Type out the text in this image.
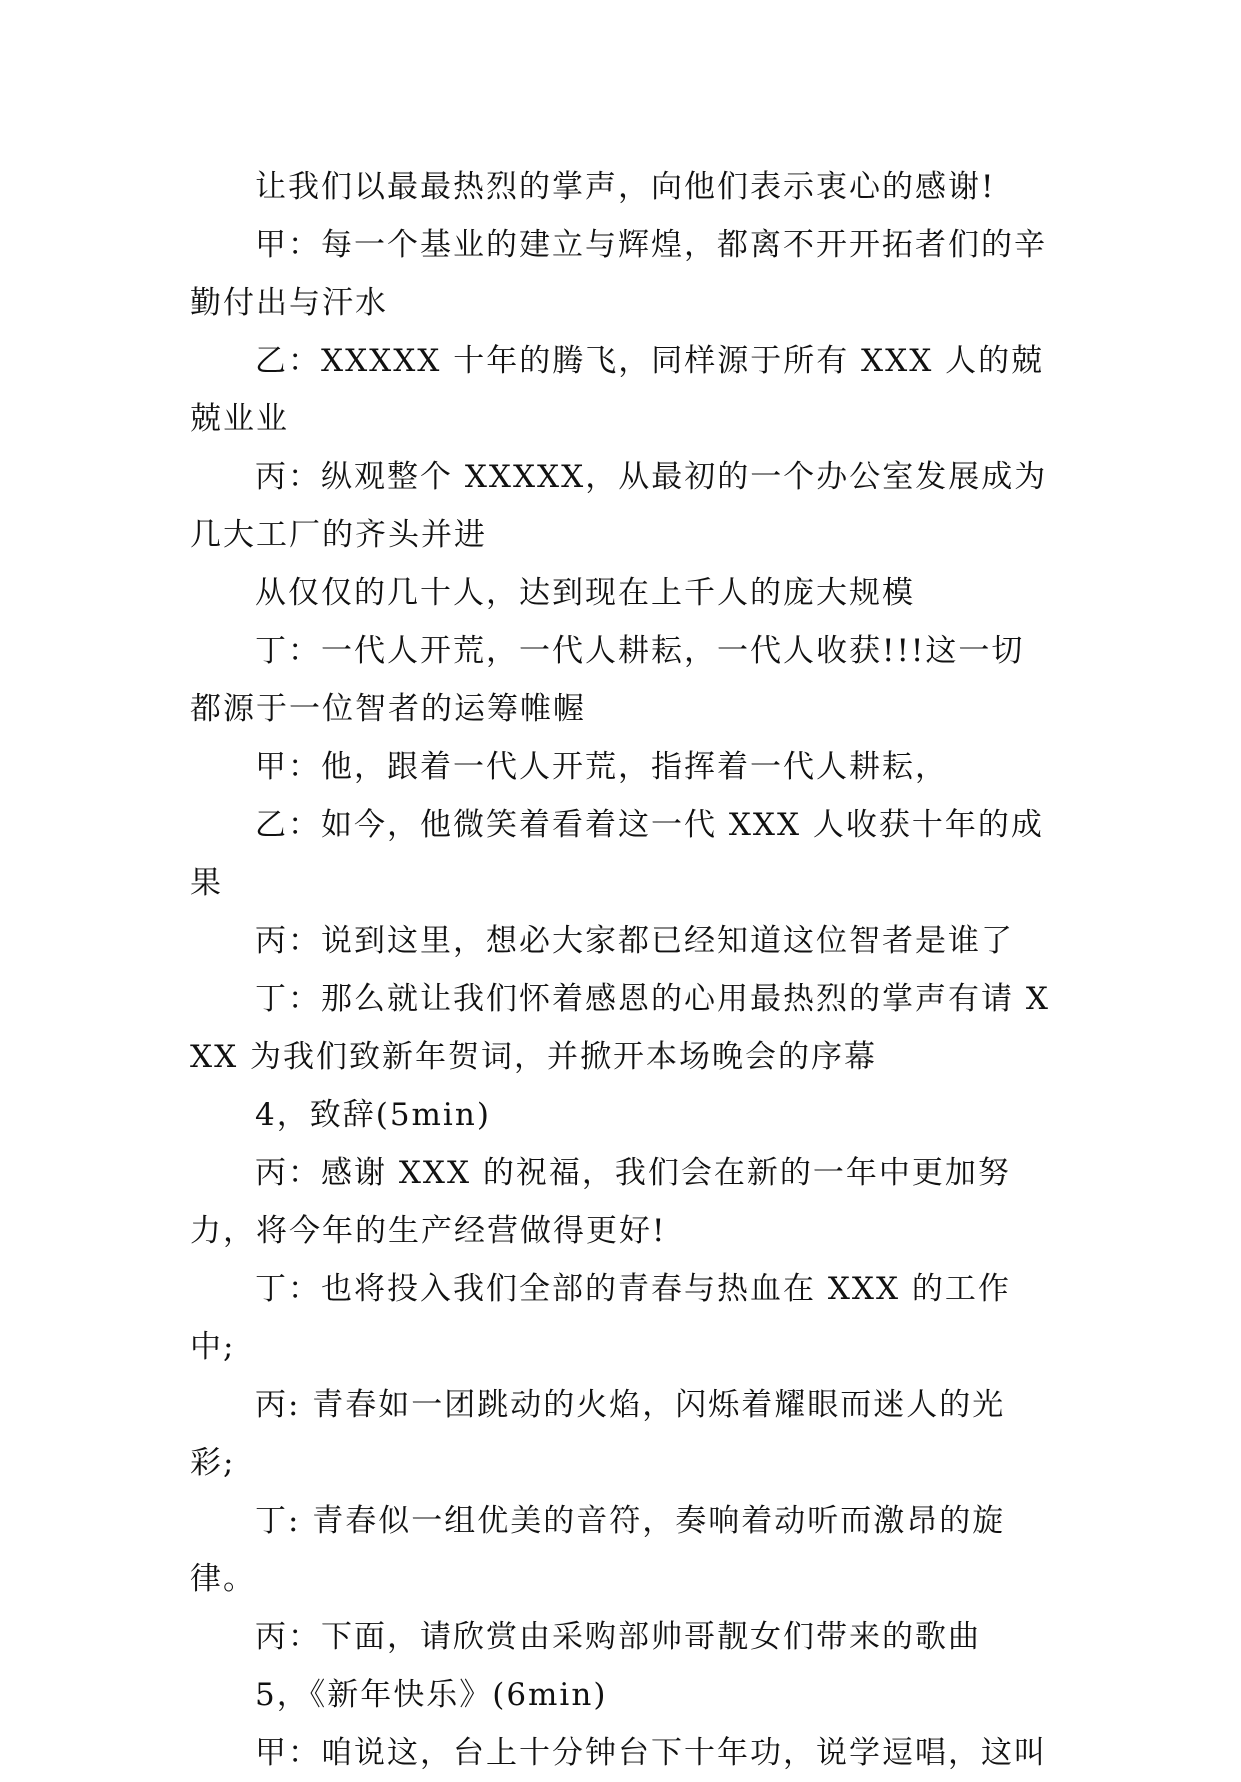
让我们以最最热烈的掌声，向他们表示衷心的感谢!

甲：每一个基业的建立与辉煌，都离不开开拓者们的辛勤付出与汗水

乙：XXXXX 十年的腾飞，同样源于所有 XXX 人的兢兢业业

丙：纵观整个 XXXXX，从最初的一个办公室发展成为几大工厂的齐头并进

从仅仅的几十人，达到现在上千人的庞大规模

丁：一代人开荒，一代人耕耘，一代人收获!!!这一切都源于一位智者的运筹帷幄

甲：他，跟着一代人开荒，指挥着一代人耕耘，

乙：如今，他微笑着看着这一代 XXX 人收获十年的成果

丙：说到这里，想必大家都已经知道这位智者是谁了

丁：那么就让我们怀着感恩的心用最热烈的掌声有请 XXX 为我们致新年贺词，并掀开本场晚会的序幕

4，致辞(5min)

丙：感谢 XXX 的祝福，我们会在新的一年中更加努力，将今年的生产经营做得更好!

丁：也将投入我们全部的青春与热血在 XXX 的工作中;

丙: 青春如一团跳动的火焰，闪烁着耀眼而迷人的光彩;

丁: 青春似一组优美的音符，奏响着动听而激昂的旋律。

丙：下面，请欣赏由采购部帅哥靓女们带来的歌曲

5，《新年快乐》(6min)

甲：咱说这，台上十分钟台下十年功，说学逗唱，这叫
